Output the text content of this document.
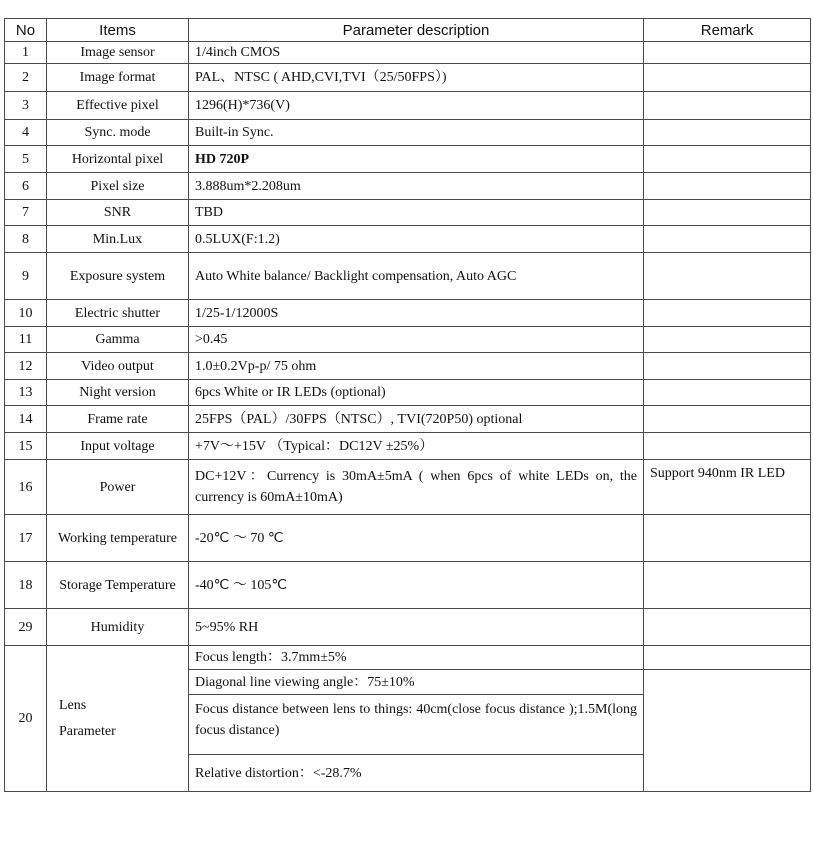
No	Items	Parameter description	Remark
1	Image sensor	1/4inch CMOS	
2	Image format	PAL、NTSC ( AHD,CVI,TVI（25/50FPS）)	
3	Effective pixel	1296(H)*736(V)	
4	Sync. mode	Built-in Sync.	
5	Horizontal pixel	HD 720P	
6	Pixel size	3.888um*2.208um	
7	SNR	TBD	
8	Min.Lux	0.5LUX(F:1.2)	
9	Exposure system	Auto White balance/ Backlight compensation, Auto AGC	
10	Electric shutter	1/25-1/12000S	
11	Gamma	>0.45	
12	Video output	1.0±0.2Vp-p/ 75 ohm	
13	Night version	6pcs White or IR LEDs (optional)	
14	Frame rate	25FPS（PAL）/30FPS（NTSC）, TVI(720P50) optional	
15	Input voltage	+7V～+15V （Typical：DC12V ±25%）	
16	Power	DC+12V：Currency is 30mA±5mA ( when 6pcs of white LEDs on, the currency is 60mA±10mA)	Support 940nm IR LED
17	Working temperature	-20℃ ～ 70 ℃	
18	Storage Temperature	-40℃ ～ 105℃	
29	Humidity	5~95% RH	
20	Lens Parameter	Focus length：3.7mm±5%	
		Diagonal line viewing angle：75±10%	
		Focus distance between lens to things: 40cm(close focus distance );1.5M(long focus distance)	
		Relative distortion：<-28.7%	
